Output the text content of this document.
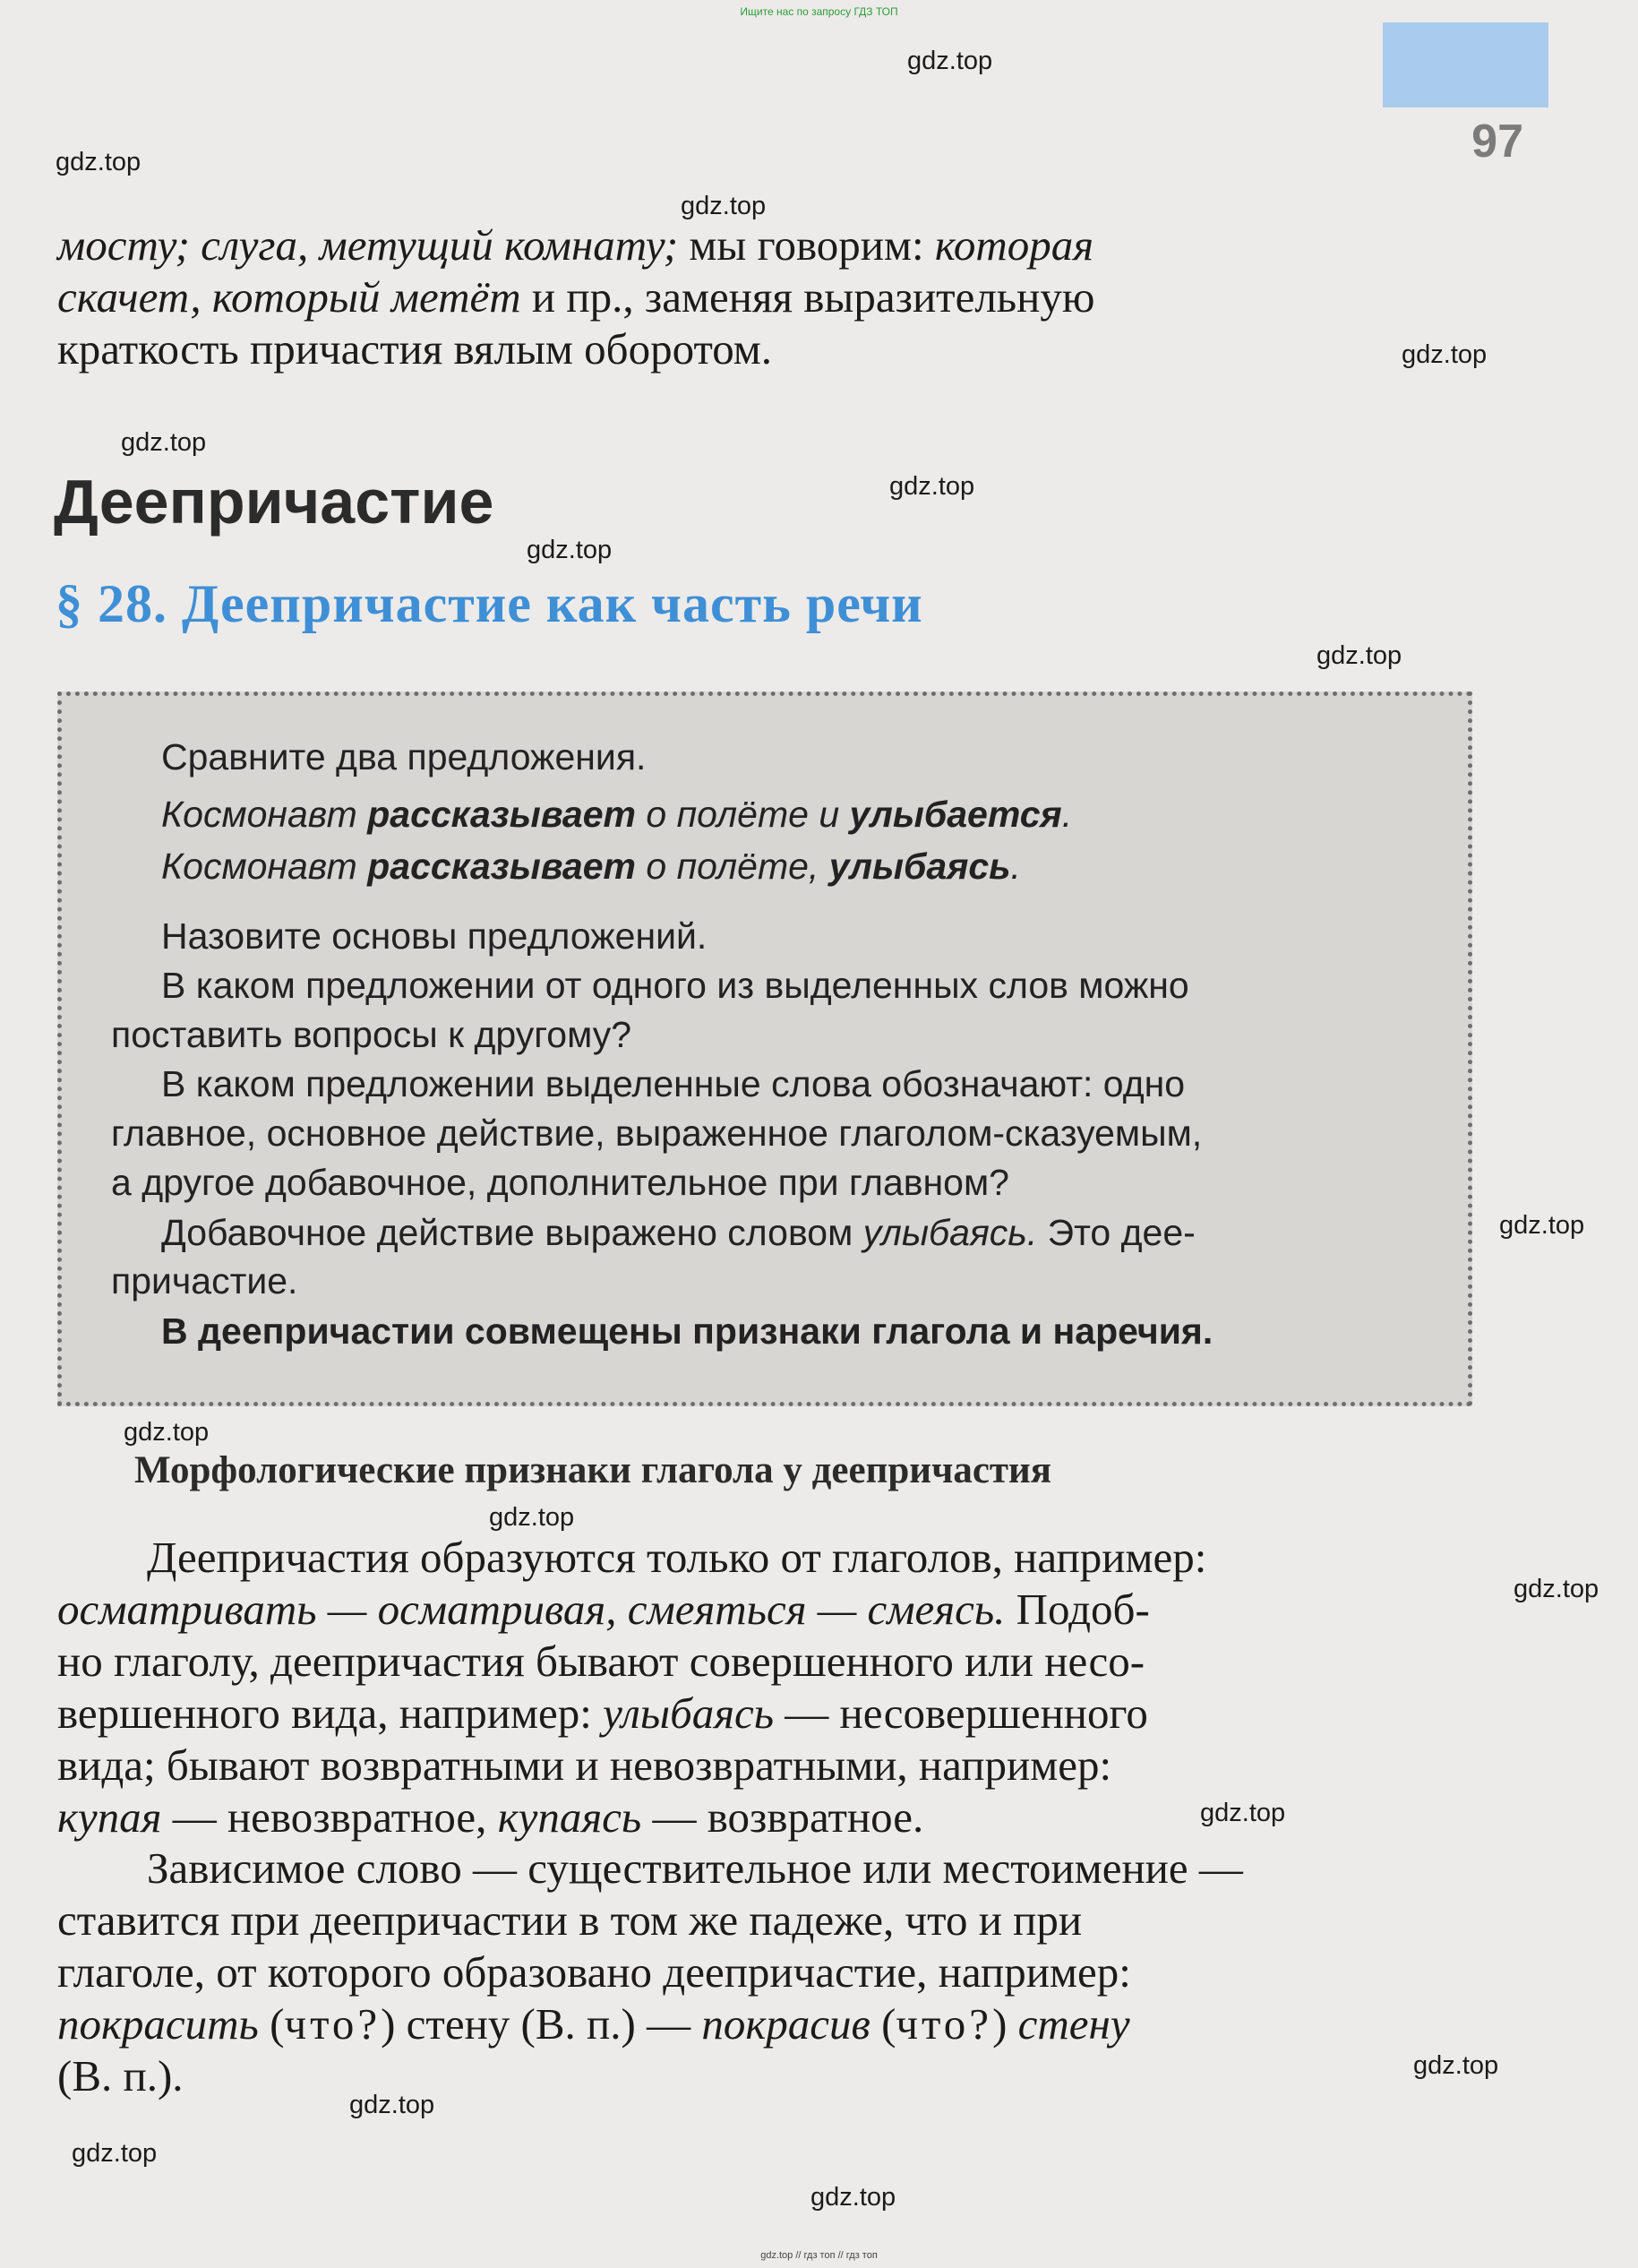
Ищите нас по запросу ГДЗ ТОП
97
gdz.top
gdz.top
gdz.top
gdz.top
gdz.top
gdz.top
gdz.top
gdz.top
gdz.top
gdz.top
gdz.top
gdz.top
gdz.top
gdz.top
gdz.top
gdz.top
gdz.top
мосту; слуга, метущий комнату; мы говорим: которая
скачет, который метёт и пр., заменяя выразительную
краткость причастия вялым оборотом.
Деепричастие
§ 28. Деепричастие как часть речи
Сравните два предложения.
Космонавт рассказывает о полёте и улыбается.
Космонавт рассказывает о полёте, улыбаясь.
Назовите основы предложений.
В каком предложении от одного из выделенных слов можно
поставить вопросы к другому?
В каком предложении выделенные слова обозначают: одно
главное, основное действие, выраженное глаголом-сказуемым,
а другое добавочное, дополнительное при главном?
Добавочное действие выражено словом улыбаясь. Это дее-
причастие.
В деепричастии совмещены признаки глагола и наречия.
Морфологические признаки глагола у деепричастия
Деепричастия образуются только от глаголов, например:
осматривать — осматривая, смеяться — смеясь. Подоб-
но глаголу, деепричастия бывают совершенного или несо-
вершенного вида, например: улыбаясь — несовершенного
вида; бывают возвратными и невозвратными, например:
купая — невозвратное, купаясь — возвратное.
Зависимое слово — существительное или местоимение —
ставится при деепричастии в том же падеже, что и при
глаголе, от которого образовано деепричастие, например:
покрасить (что?) стену (В. п.) — покрасив (что?) стену
(В. п.).
gdz.top // гдз топ // гдз топ
